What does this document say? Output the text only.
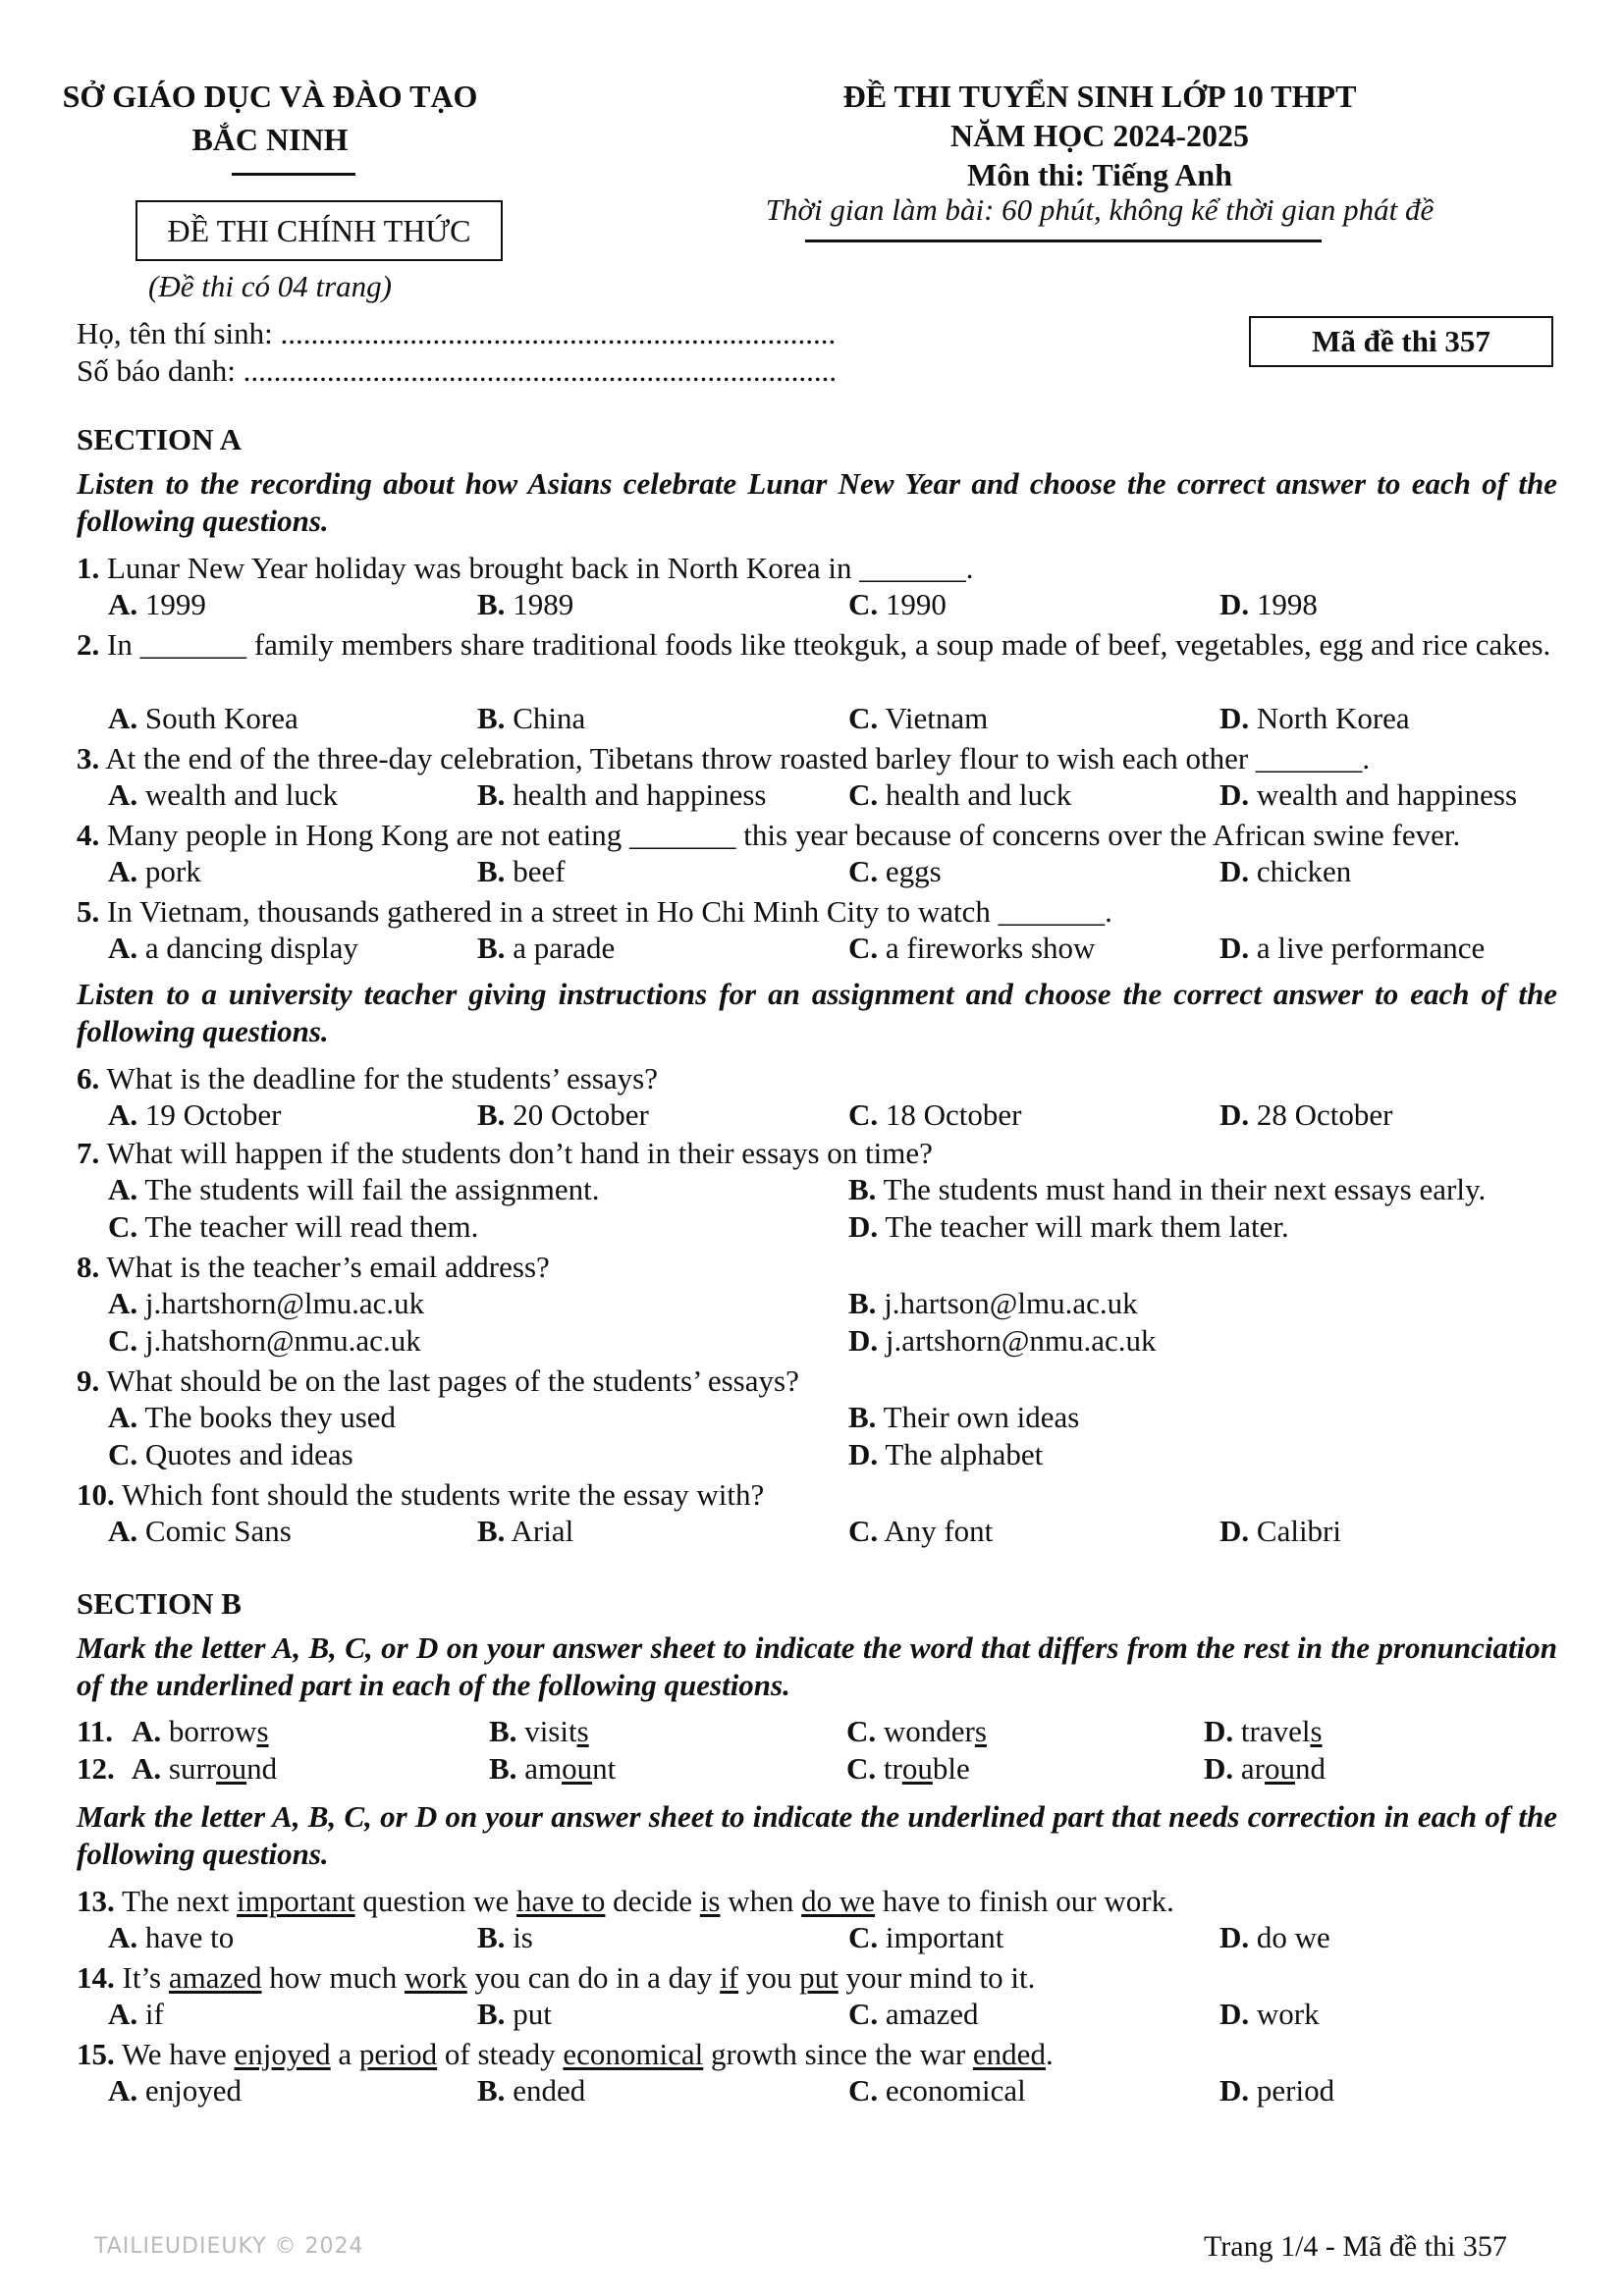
SỞ GIÁO DỤC VÀ ĐÀO TẠO
BẮC NINH
ĐỀ THI CHÍNH THỨC
(Đề thi có 04 trang)
ĐỀ THI TUYỂN SINH LỚP 10 THPT
NĂM HỌC 2024-2025
Môn thi: Tiếng Anh
Thời gian làm bài: 60 phút, không kể thời gian phát đề
Họ, tên thí sinh: .........................................................................
Số báo danh: ..............................................................................
Mã đề thi 357
SECTION A
Listen to the recording about how Asians celebrate Lunar New Year and choose the correct answer to each of the following questions.
1. Lunar New Year holiday was brought back in North Korea in _______.
A. 1999	B. 1989	C. 1990	D. 1998
2. In _______ family members share traditional foods like tteokguk, a soup made of beef, vegetables, egg and rice cakes.
A. South Korea	B. China	C. Vietnam	D. North Korea
3. At the end of the three-day celebration, Tibetans throw roasted barley flour to wish each other _______.
A. wealth and luck	B. health and happiness	C. health and luck	D. wealth and happiness
4. Many people in Hong Kong are not eating _______ this year because of concerns over the African swine fever.
A. pork	B. beef	C. eggs	D. chicken
5. In Vietnam, thousands gathered in a street in Ho Chi Minh City to watch _______.
A. a dancing display	B. a parade	C. a fireworks show	D. a live performance
Listen to a university teacher giving instructions for an assignment and choose the correct answer to each of the following questions.
6. What is the deadline for the students’ essays?
A. 19 October	B. 20 October	C. 18 October	D. 28 October
7. What will happen if the students don’t hand in their essays on time?
A. The students will fail the assignment.	B. The students must hand in their next essays early.
C. The teacher will read them.	D. The teacher will mark them later.
8. What is the teacher’s email address?
A. j.hartshorn@lmu.ac.uk	B. j.hartson@lmu.ac.uk
C. j.hatshorn@nmu.ac.uk	D. j.artshorn@nmu.ac.uk
9. What should be on the last pages of the students’ essays?
A. The books they used	B. Their own ideas
C. Quotes and ideas	D. The alphabet
10. Which font should the students write the essay with?
A. Comic Sans	B. Arial	C. Any font	D. Calibri
SECTION B
Mark the letter A, B, C, or D on your answer sheet to indicate the word that differs from the rest in the pronunciation of the underlined part in each of the following questions.
11. A. borrows	B. visits	C. wonders	D. travels
12. A. surround	B. amount	C. trouble	D. around
Mark the letter A, B, C, or D on your answer sheet to indicate the underlined part that needs correction in each of the following questions.
13. The next important question we have to decide is when do we have to finish our work.
A. have to	B. is	C. important	D. do we
14. It’s amazed how much work you can do in a day if you put your mind to it.
A. if	B. put	C. amazed	D. work
15. We have enjoyed a period of steady economical growth since the war ended.
A. enjoyed	B. ended	C. economical	D. period
TAILIEUDIEUKY © 2024	Trang 1/4 - Mã đề thi 357
